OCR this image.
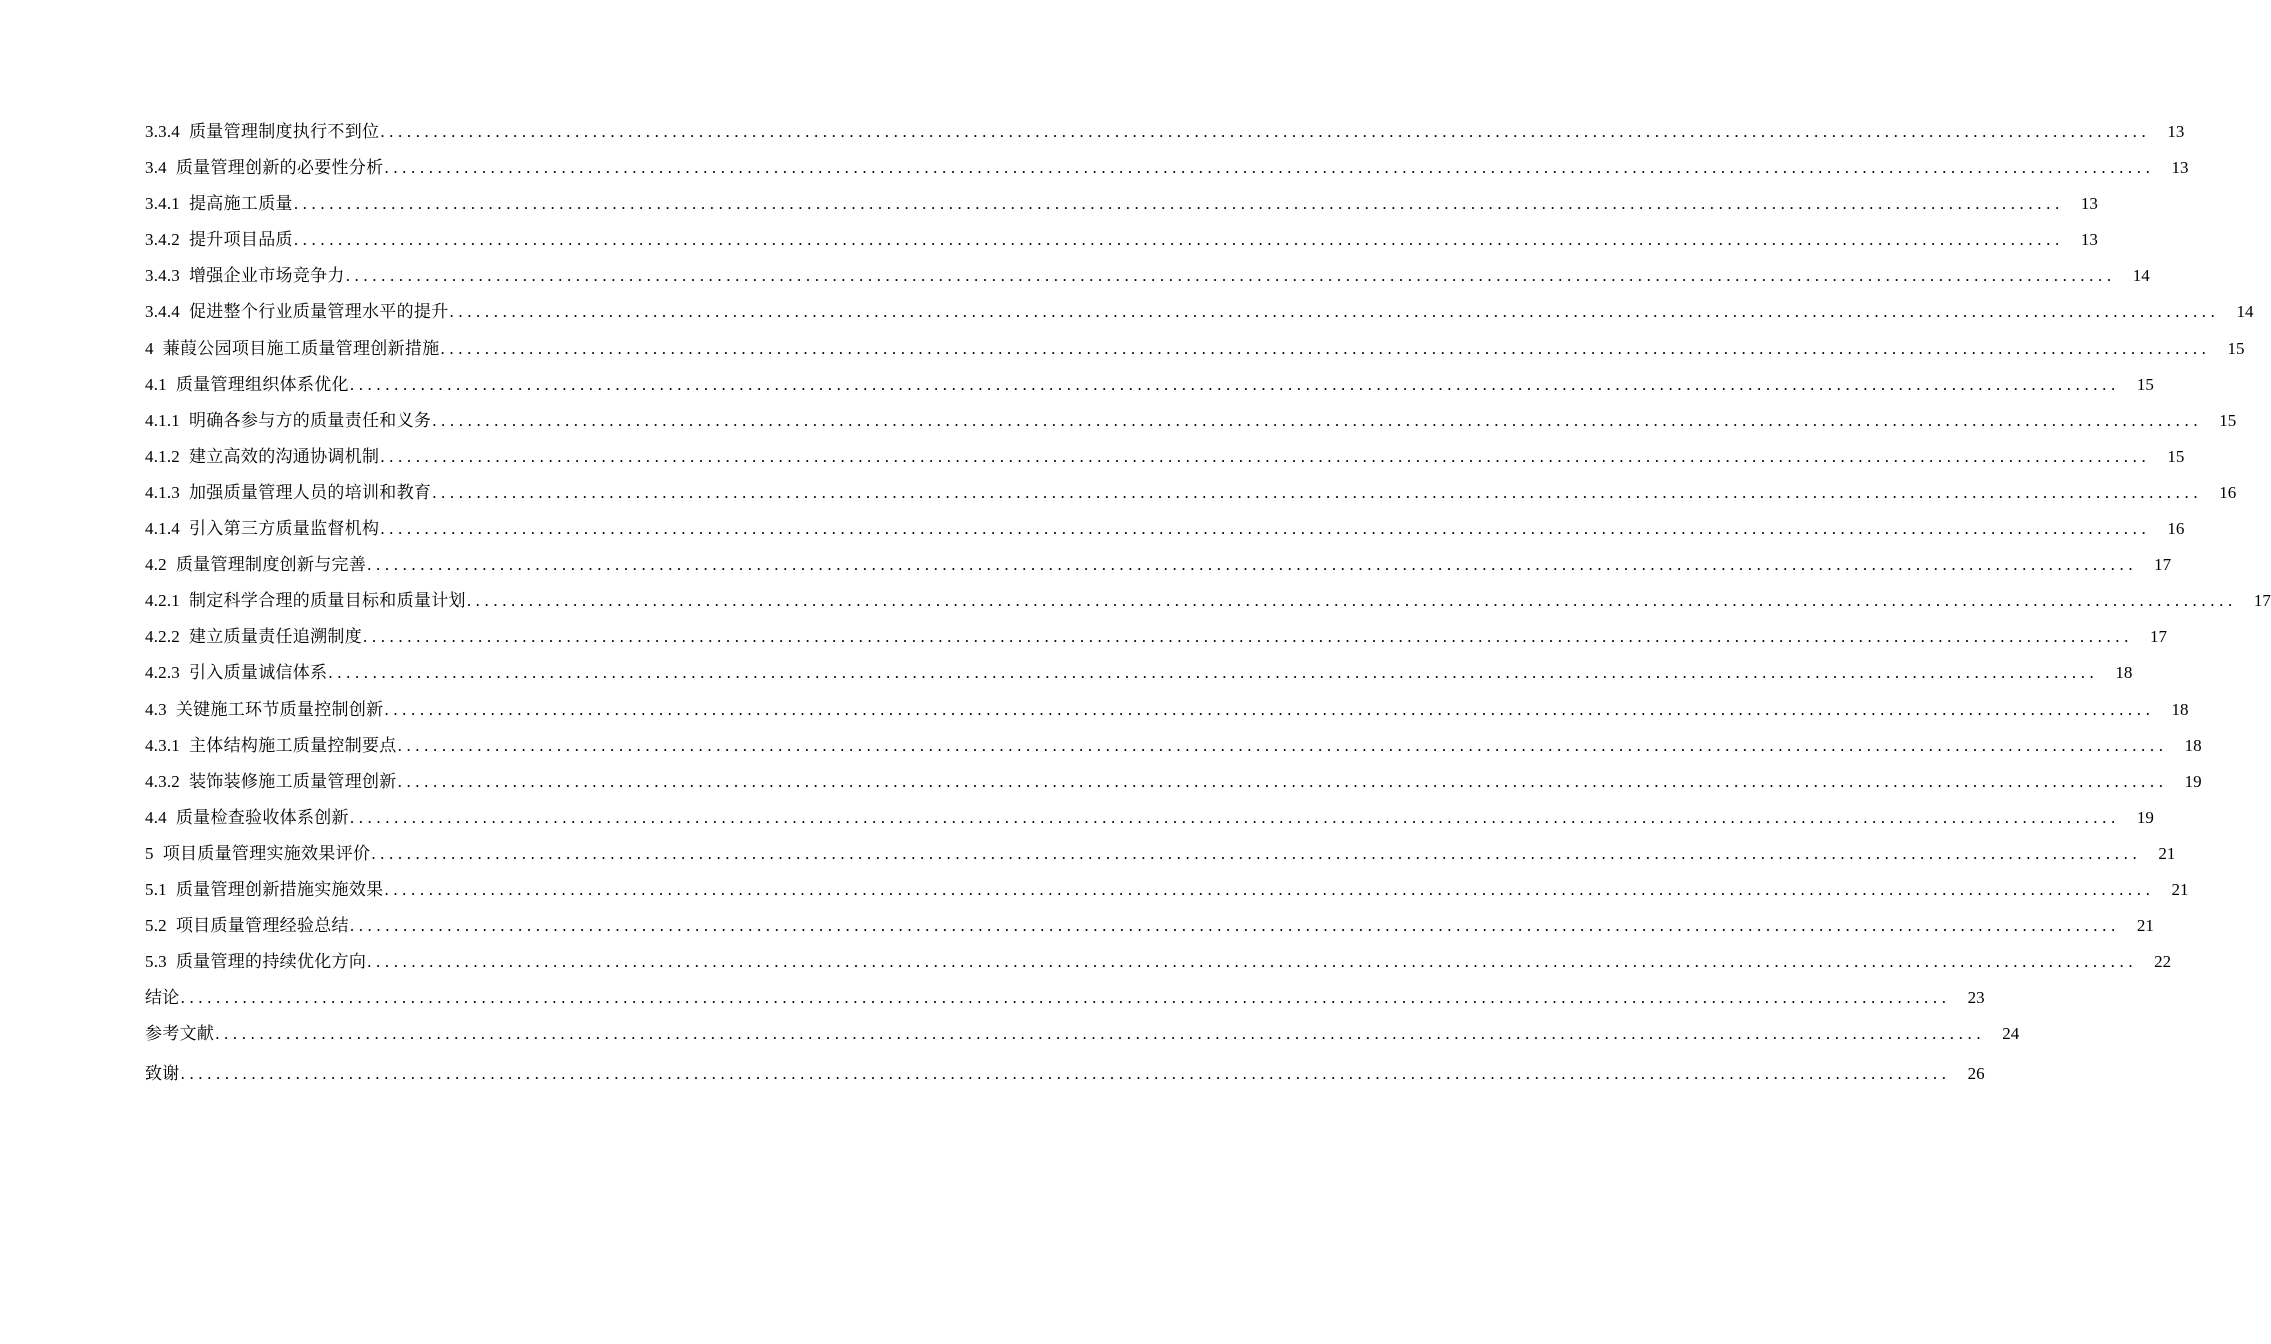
3.3.4 质量管理制度执行不到位 ........................................................................................................................................................................................................ 13
3.4 质量管理创新的必要性分析 ........................................................................................................................................................................................................ 13
3.4.1 提高施工质量 ........................................................................................................................................................................................................ 13
3.4.2 提升项目品质 ........................................................................................................................................................................................................ 13
3.4.3 增强企业市场竞争力 ........................................................................................................................................................................................................ 14
3.4.4 促进整个行业质量管理水平的提升 ........................................................................................................................................................................................................ 14
4 蒹葭公园项目施工质量管理创新措施 ........................................................................................................................................................................................................ 15
4.1 质量管理组织体系优化 ........................................................................................................................................................................................................ 15
4.1.1 明确各参与方的质量责任和义务 ........................................................................................................................................................................................................ 15
4.1.2 建立高效的沟通协调机制 ........................................................................................................................................................................................................ 15
4.1.3 加强质量管理人员的培训和教育 ........................................................................................................................................................................................................ 16
4.1.4 引入第三方质量监督机构 ........................................................................................................................................................................................................ 16
4.2 质量管理制度创新与完善 ........................................................................................................................................................................................................ 17
4.2.1 制定科学合理的质量目标和质量计划 ........................................................................................................................................................................................................ 17
4.2.2 建立质量责任追溯制度 ........................................................................................................................................................................................................ 17
4.2.3 引入质量诚信体系 ........................................................................................................................................................................................................ 18
4.3 关键施工环节质量控制创新 ........................................................................................................................................................................................................ 18
4.3.1 主体结构施工质量控制要点 ........................................................................................................................................................................................................ 18
4.3.2 装饰装修施工质量管理创新 ........................................................................................................................................................................................................ 19
4.4 质量检查验收体系创新 ........................................................................................................................................................................................................ 19
5 项目质量管理实施效果评价 ........................................................................................................................................................................................................ 21
5.1 质量管理创新措施实施效果 ........................................................................................................................................................................................................ 21
5.2 项目质量管理经验总结 ........................................................................................................................................................................................................ 21
5.3 质量管理的持续优化方向 ........................................................................................................................................................................................................ 22
结论 ........................................................................................................................................................................................................ 23
参考文献 ........................................................................................................................................................................................................ 24
致谢 ........................................................................................................................................................................................................ 26
